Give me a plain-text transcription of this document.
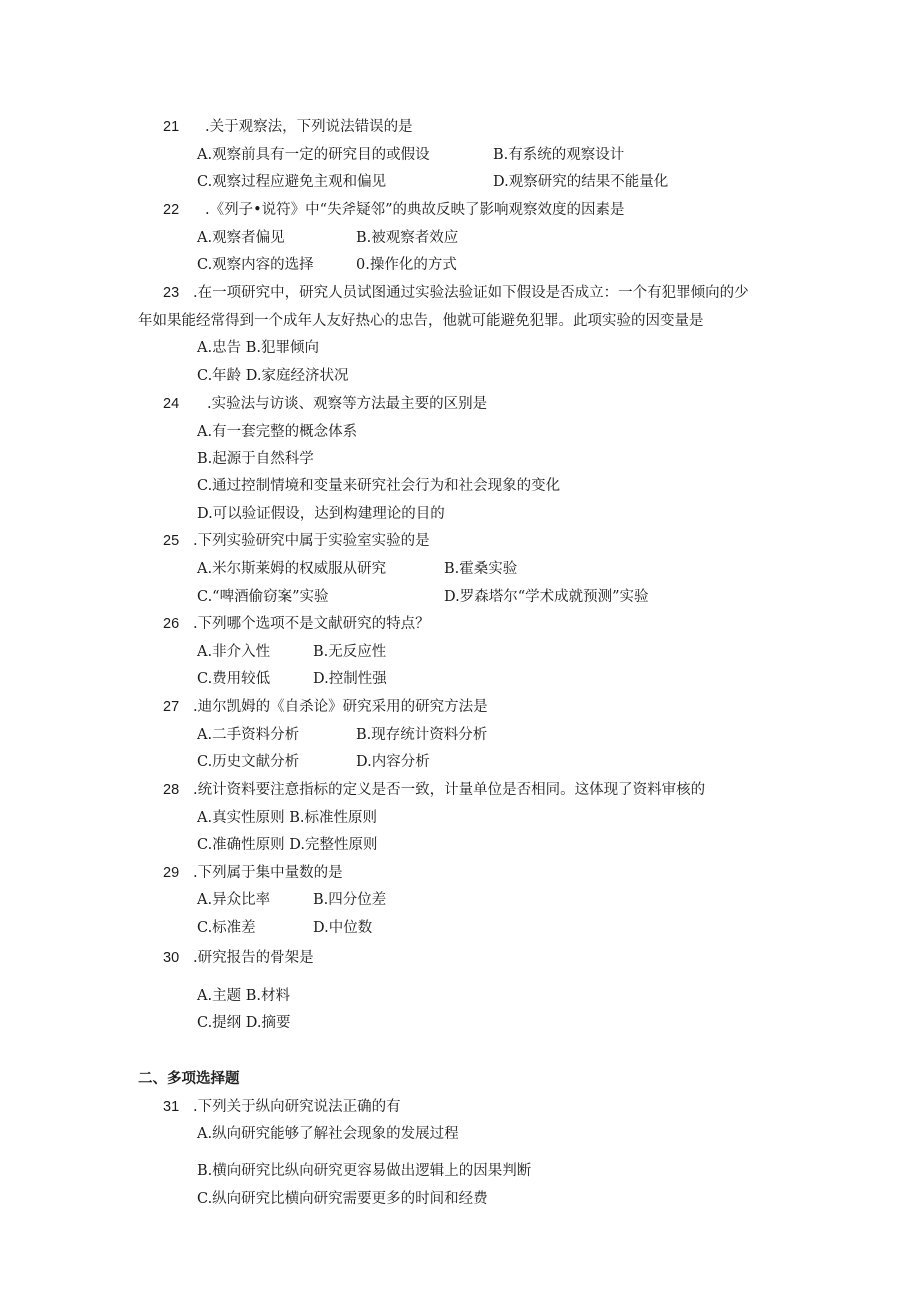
21	.关于观察法，下列说法错误的是
A.观察前具有一定的研究目的或假设	B.有系统的观察设计
C.观察过程应避免主观和偏见	D.观察研究的结果不能量化
22	.《列子•说符》中“失斧疑邻”的典故反映了影响观察效度的因素是
A.观察者偏见	B.被观察者效应
C.观察内容的选择	0.操作化的方式
23 .在一项研究中，研究人员试图通过实验法验证如下假设是否成立：一个有犯罪倾向的少
年如果能经常得到一个成年人友好热心的忠告，他就可能避免犯罪。此项实验的因变量是
A.忠告 B.犯罪倾向
C.年龄 D.家庭经济状况
24	.实验法与访谈、观察等方法最主要的区别是
A.有一套完整的概念体系
B.起源于自然科学
C.通过控制情境和变量来研究社会行为和社会现象的变化
D.可以验证假设，达到构建理论的目的
25 .下列实验研究中属于实验室实验的是
A.米尔斯莱姆的权威服从研究	B.霍桑实验
C.“啤酒偷窃案”实验	D.罗森塔尔“学术成就预测”实验
26 .下列哪个选项不是文献研究的特点？
A.非介入性	B.无反应性
C.费用较低	D.控制性强
27 .迪尔凯姆的《自杀论》研究采用的研究方法是
A.二手资料分析	B.现存统计资料分析
C.历史文献分析	D.内容分析
28 .统计资料要注意指标的定义是否一致，计量单位是否相同。这体现了资料审核的
A.真实性原则 B.标准性原则
C.准确性原则 D.完整性原则
29 .下列属于集中量数的是
A.异众比率	B.四分位差
C.标准差	D.中位数
30 .研究报告的骨架是
A.主题 B.材料
C.提纲 D.摘要
二、多项选择题
31 .下列关于纵向研究说法正确的有
A.纵向研究能够了解社会现象的发展过程
B.横向研究比纵向研究更容易做出逻辑上的因果判断
C.纵向研究比横向研究需要更多的时间和经费
